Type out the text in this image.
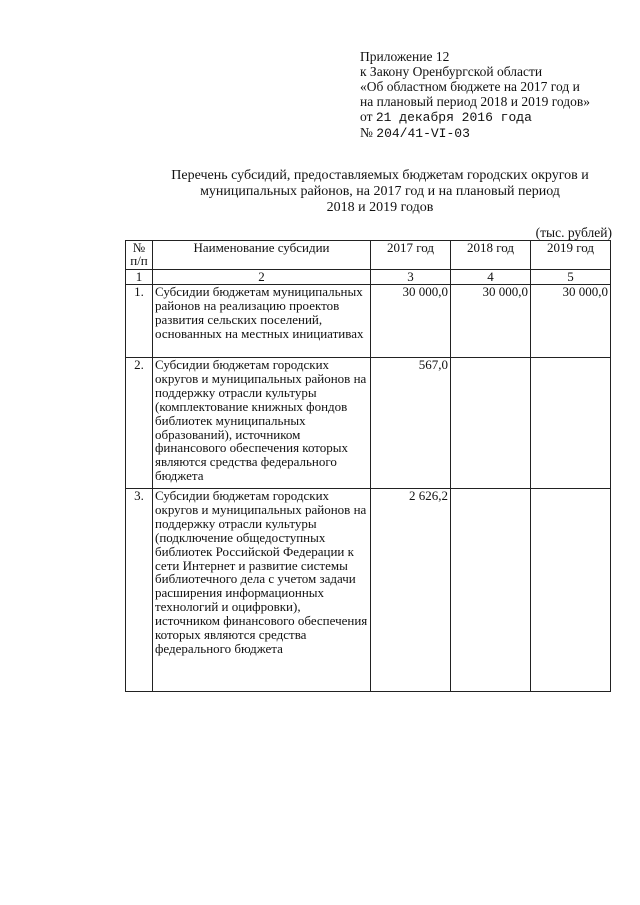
Приложение 12
к Закону Оренбургской области
«Об областном бюджете на 2017 год и
на плановый период 2018 и 2019 годов»
от 21 декабря 2016 года
№ 204/41-VI-03
Перечень субсидий, предоставляемых бюджетам городских округов и
муниципальных районов, на 2017 год и на плановый период
2018 и 2019 годов
(тыс. рублей)
№ п/п	Наименование субсидии	2017 год	2018 год	2019 год
1	2	3	4	5
1.	Субсидии бюджетам муниципальных районов на реализацию проектов развития сельских поселений, основанных на местных инициативах	30 000,0	30 000,0	30 000,0
2.	Субсидии бюджетам городских округов и муниципальных районов на поддержку отрасли культуры (комплектование книжных фондов библиотек муниципальных образований), источником финансового обеспечения которых являются средства федерального бюджета	567,0		
3.	Субсидии бюджетам городских округов и муниципальных районов на поддержку отрасли культуры (подключение общедоступных библиотек Российской Федерации к сети Интернет и развитие системы библиотечного дела с учетом задачи расширения информационных технологий и оцифровки), источником финансового обеспечения которых являются средства федерального бюджета	2 626,2		
